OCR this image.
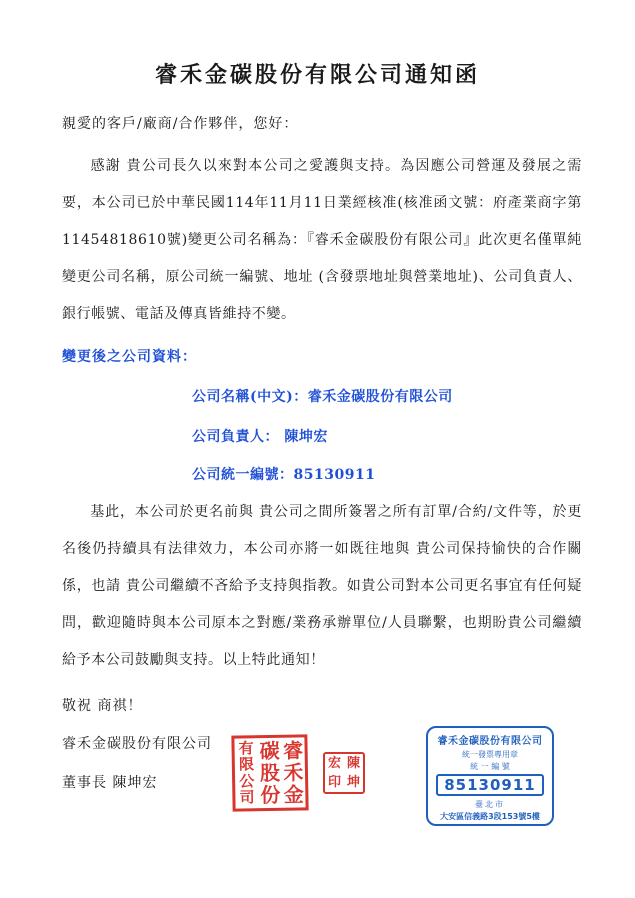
睿禾金碳股份有限公司通知函
親愛的客戶/廠商/合作夥伴，您好：
感謝 貴公司長久以來對本公司之愛護與支持。為因應公司營運及發展之需要，本公司已於中華民國114年11月11日業經核准(核准函文號：府產業商字第11454818610號)變更公司名稱為：『睿禾金碳股份有限公司』此次更名僅單純變更公司名稱，原公司統一編號、地址 (含發票地址與營業地址)、公司負責人、銀行帳號、電話及傳真皆維持不變。
變更後之公司資料：
公司名稱(中文)：睿禾金碳股份有限公司
公司負責人： 陳坤宏
公司統一編號：85130911
基此，本公司於更名前與 貴公司之間所簽署之所有訂單/合約/文件等，於更名後仍持續具有法律效力，本公司亦將一如既往地與 貴公司保持愉快的合作關係，也請 貴公司繼續不吝給予支持與指教。如貴公司對本公司更名事宜有任何疑問，歡迎隨時與本公司原本之對應/業務承辦單位/人員聯繫，也期盼貴公司繼續給予本公司鼓勵與支持。以上特此通知！
敬祝 商祺！
睿禾金碳股份有限公司
董事長 陳坤宏
有
限
公
司
碳
股
份
睿
禾
金
宏 陳
印 坤
睿禾金碳股份有限公司
統一發票專用章
統 一 編 號
85130911
臺北市
大安區信義路3段153號5樓
